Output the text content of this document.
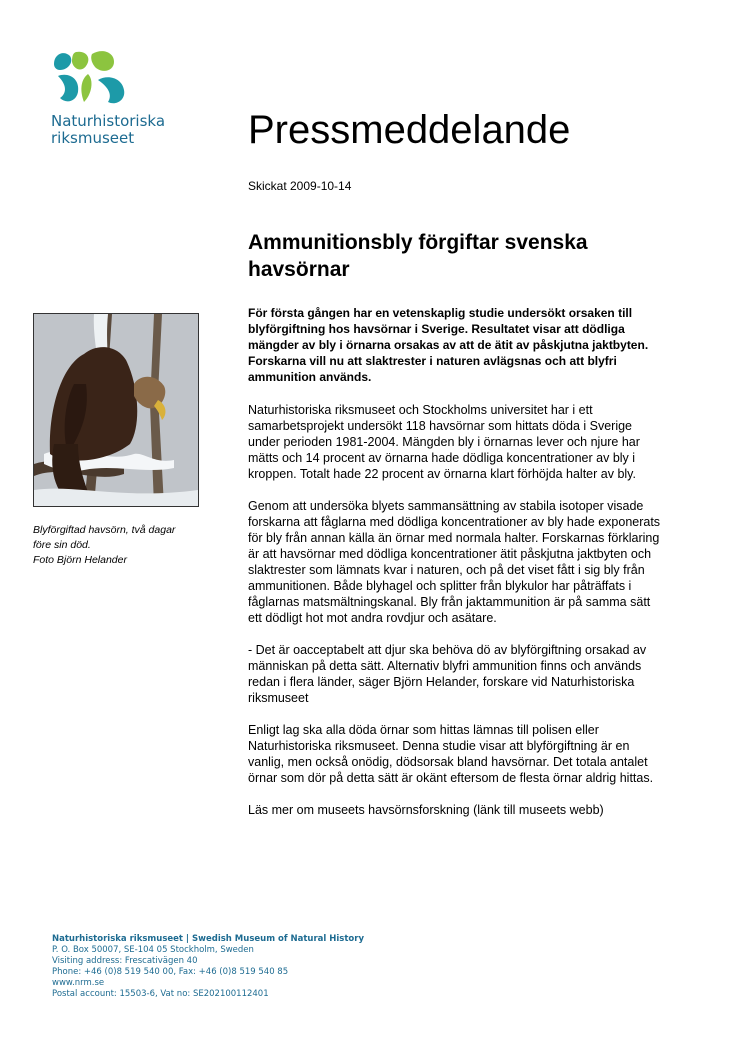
Naturhistoriska
riksmuseet	Pressmeddelande
Skickat 2009-10-14
Ammunitionsbly förgiftar svenska havsörnar

För första gången har en vetenskaplig studie undersökt orsaken till blyförgiftning hos havsörnar i Sverige. Resultatet visar att dödliga mängder av bly i örnarna orsakas av att de ätit av påskjutna jaktbyten. Forskarna vill nu att slaktrester i naturen avlägsnas och att blyfri ammunition används.

Naturhistoriska riksmuseet och Stockholms universitet har i ett samarbetsprojekt undersökt 118 havsörnar som hittats döda i Sverige under perioden 1981-2004. Mängden bly i örnarnas lever och njure har mätts och 14 procent av örnarna hade dödliga koncentrationer av bly i kroppen. Totalt hade 22 procent av örnarna klart förhöjda halter av bly.

Genom att undersöka blyets sammansättning av stabila isotoper visade forskarna att fåglarna med dödliga koncentrationer av bly hade exponerats för bly från annan källa än örnar med normala halter. Forskarnas förklaring är att havsörnar med dödliga koncentrationer ätit påskjutna jaktbyten och slaktrester som lämnats kvar i naturen, och på det viset fått i sig bly från ammunitionen. Både blyhagel och splitter från blykulor har påträffats i fåglarnas matsmältningskanal. Bly från jaktammunition är på samma sätt ett dödligt hot mot andra rovdjur och asätare.

- Det är oacceptabelt att djur ska behöva dö av blyförgiftning orsakad av människan på detta sätt. Alternativ blyfri ammunition finns och används redan i flera länder, säger Björn Helander, forskare vid Naturhistoriska riksmuseet

Enligt lag ska alla döda örnar som hittas lämnas till polisen eller Naturhistoriska riksmuseet. Denna studie visar att blyförgiftning är en vanlig, men också onödig, dödsorsak bland havsörnar. Det totala antalet örnar som dör på detta sätt är okänt eftersom de flesta örnar aldrig hittas.

Läs mer om museets havsörnsforskning (länk till museets webb)

Blyförgiftad havsörn, två dagar
före sin död.
Foto Björn Helander
Naturhistoriska riksmuseet | Swedish Museum of Natural History
P. O. Box 50007, SE-104 05 Stockholm, Sweden
Visiting address: Frescativägen 40
Phone: +46 (0)8 519 540 00, Fax: +46 (0)8 519 540 85
www.nrm.se
Postal account: 15503-6, Vat no: SE202100112401
